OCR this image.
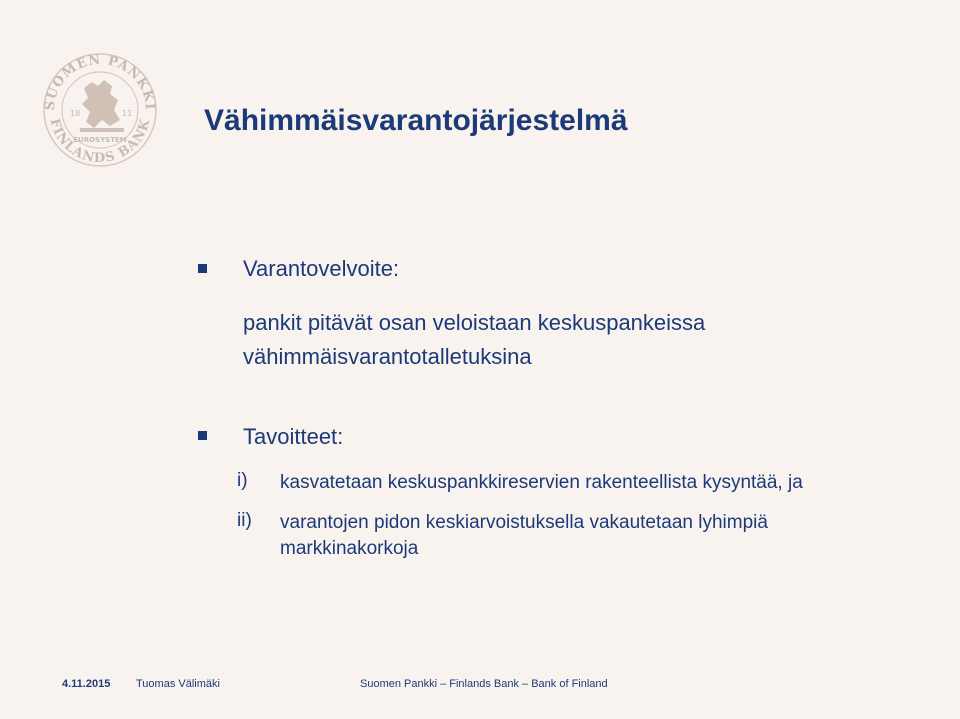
SUOMEN PANKKI
FINLANDS BANK
18	11
EUROSYSTEM
Vähimmäisvarantojärjestelmä
Varantovelvoite:
pankit pitävät osan veloistaan keskuspankeissa
vähimmäisvarantotalletuksina
Tavoitteet:
i) kasvatetaan keskuspankkireservien rakenteellista kysyntää, ja
ii) varantojen pidon keskiarvoistuksella vakautetaan lyhimpiä
markkinakorkoja
4.11.2015 Tuomas Välimäki	Suomen Pankki – Finlands Bank – Bank of Finland
